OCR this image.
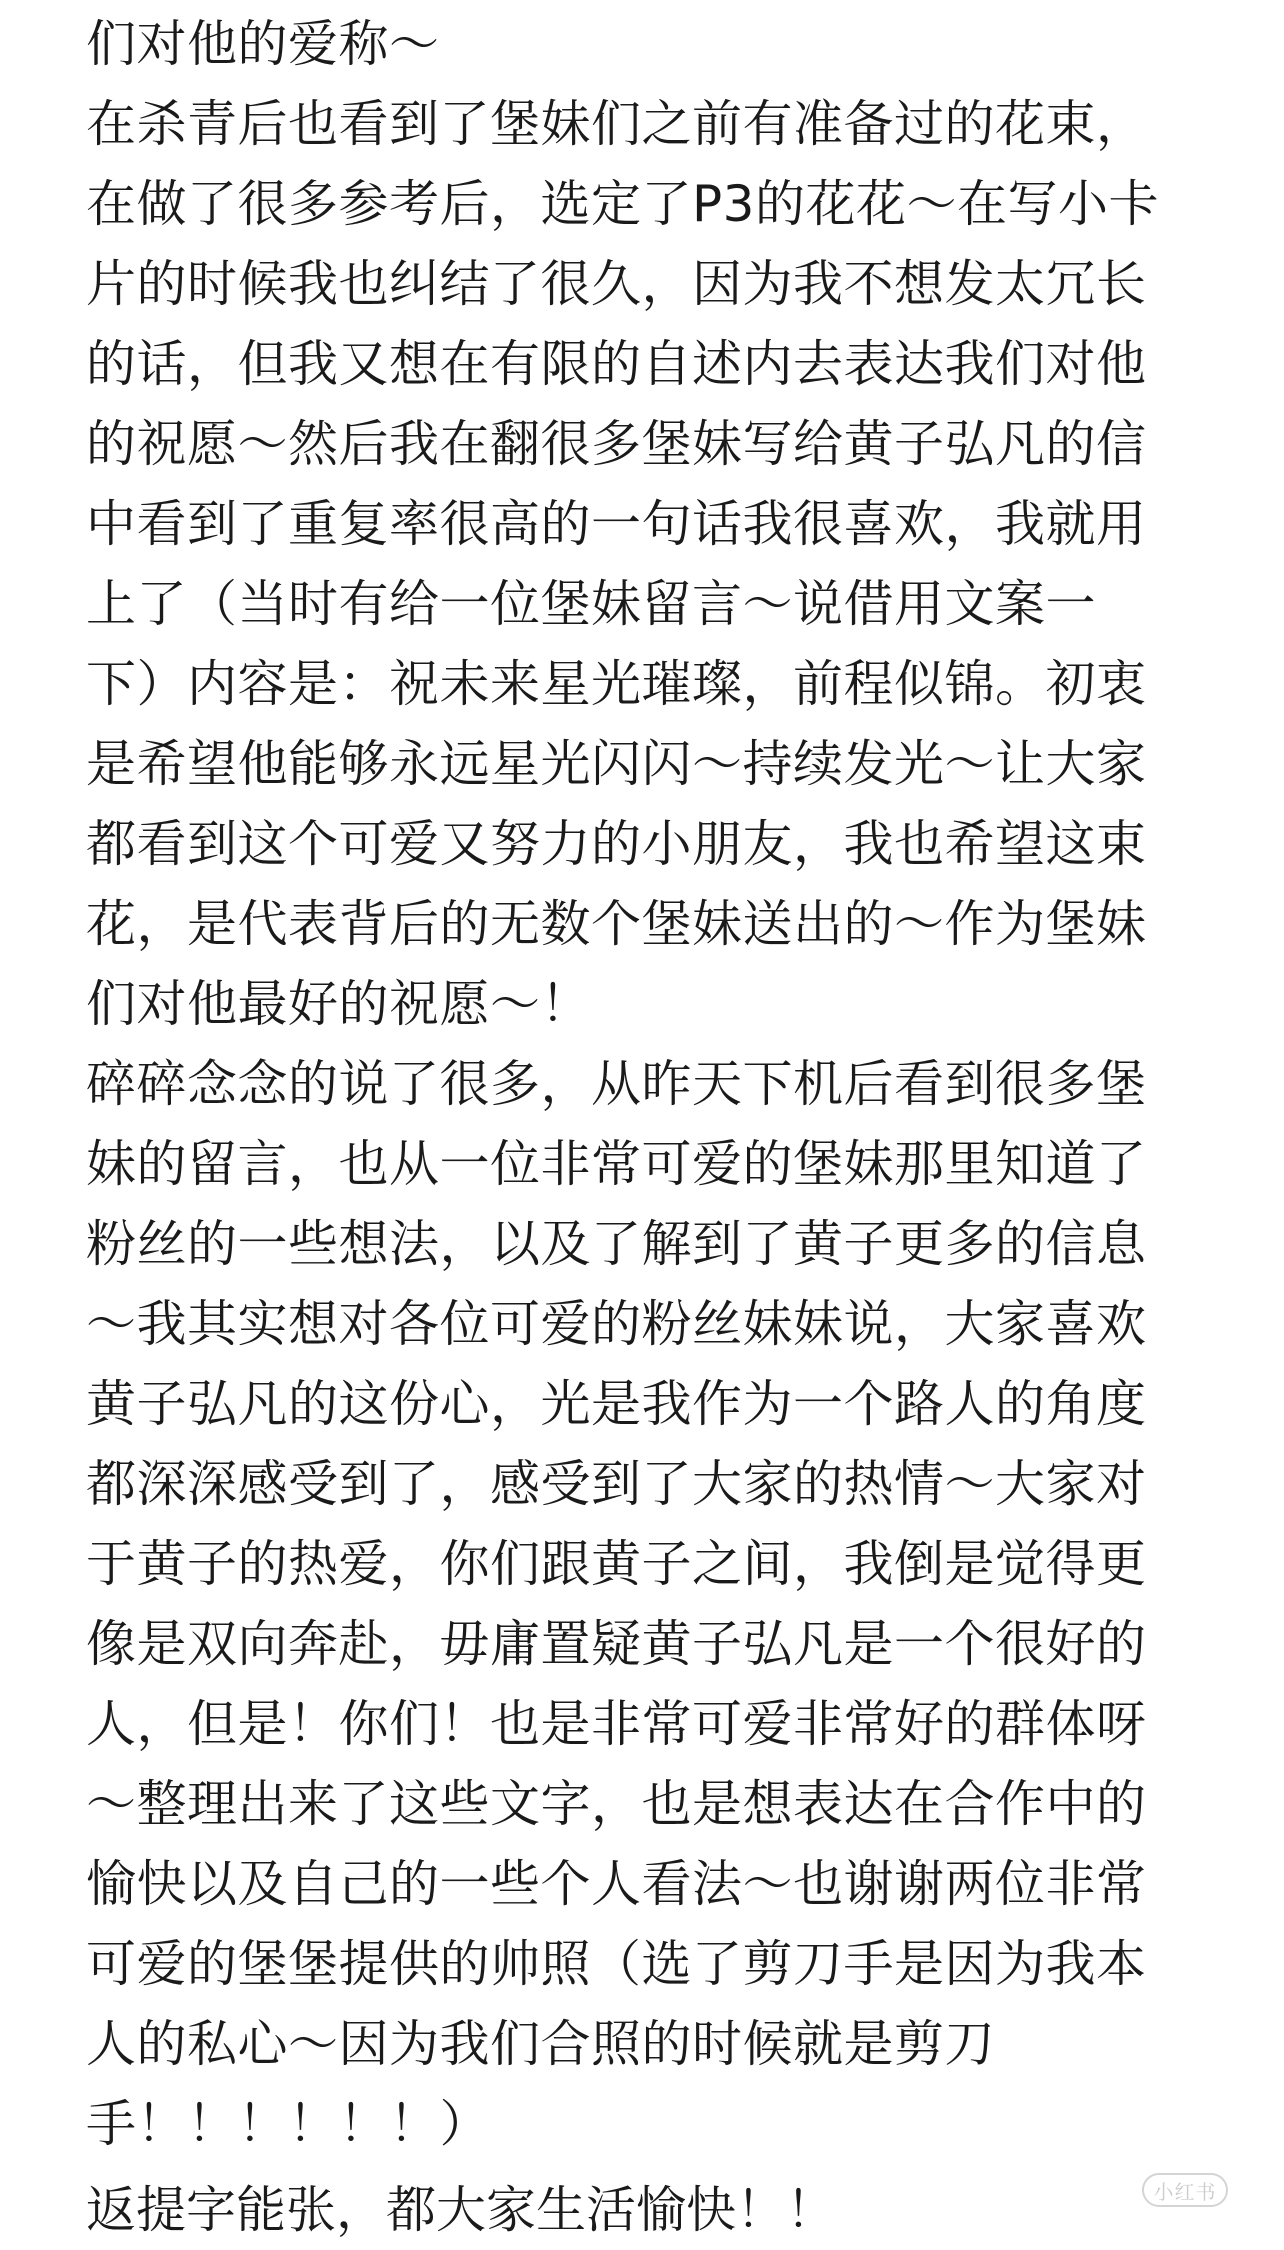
们对他的爱称～
在杀青后也看到了堡妹们之前有准备过的花束，
在做了很多参考后，选定了P3的花花～在写小卡
片的时候我也纠结了很久，因为我不想发太冗长
的话，但我又想在有限的自述内去表达我们对他
的祝愿～然后我在翻很多堡妹写给黄子弘凡的信
中看到了重复率很高的一句话我很喜欢，我就用
上了（当时有给一位堡妹留言～说借用文案一
下）内容是：祝未来星光璀璨，前程似锦。初衷
是希望他能够永远星光闪闪～持续发光～让大家
都看到这个可爱又努力的小朋友，我也希望这束
花，是代表背后的无数个堡妹送出的～作为堡妹
们对他最好的祝愿～！
碎碎念念的说了很多，从昨天下机后看到很多堡
妹的留言，也从一位非常可爱的堡妹那里知道了
粉丝的一些想法，以及了解到了黄子更多的信息
～我其实想对各位可爱的粉丝妹妹说，大家喜欢
黄子弘凡的这份心，光是我作为一个路人的角度
都深深感受到了，感受到了大家的热情～大家对
于黄子的热爱，你们跟黄子之间，我倒是觉得更
像是双向奔赴，毋庸置疑黄子弘凡是一个很好的
人，但是！你们！也是非常可爱非常好的群体呀
～整理出来了这些文字，也是想表达在合作中的
愉快以及自己的一些个人看法～也谢谢两位非常
可爱的堡堡提供的帅照（选了剪刀手是因为我本
人的私心～因为我们合照的时候就是剪刀
手！！！！！！）
返提字能张，都大家生活愉快！！	小红书
